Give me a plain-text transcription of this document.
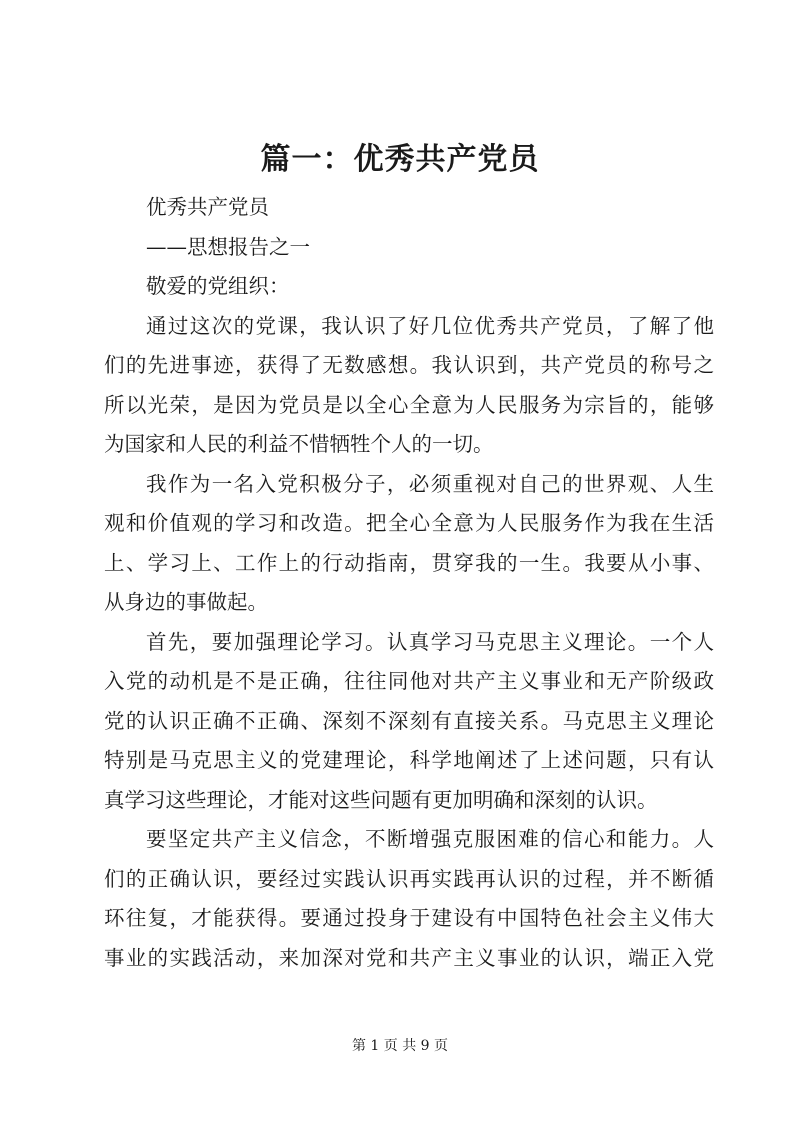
篇一：优秀共产党员
优秀共产党员
——思想报告之一
敬爱的党组织：
通过这次的党课，我认识了好几位优秀共产党员，了解了他
们的先进事迹，获得了无数感想。我认识到，共产党员的称号之
所以光荣，是因为党员是以全心全意为人民服务为宗旨的，能够
为国家和人民的利益不惜牺牲个人的一切。
我作为一名入党积极分子，必须重视对自己的世界观、人生
观和价值观的学习和改造。把全心全意为人民服务作为我在生活
上、学习上、工作上的行动指南，贯穿我的一生。我要从小事、
从身边的事做起。
首先，要加强理论学习。认真学习马克思主义理论。一个人
入党的动机是不是正确，往往同他对共产主义事业和无产阶级政
党的认识正确不正确、深刻不深刻有直接关系。马克思主义理论
特别是马克思主义的党建理论，科学地阐述了上述问题，只有认
真学习这些理论，才能对这些问题有更加明确和深刻的认识。
要坚定共产主义信念，不断增强克服困难的信心和能力。人
们的正确认识，要经过实践认识再实践再认识的过程，并不断循
环往复，才能获得。要通过投身于建设有中国特色社会主义伟大
事业的实践活动，来加深对党和共产主义事业的认识，端正入党
第 1 页 共 9 页
